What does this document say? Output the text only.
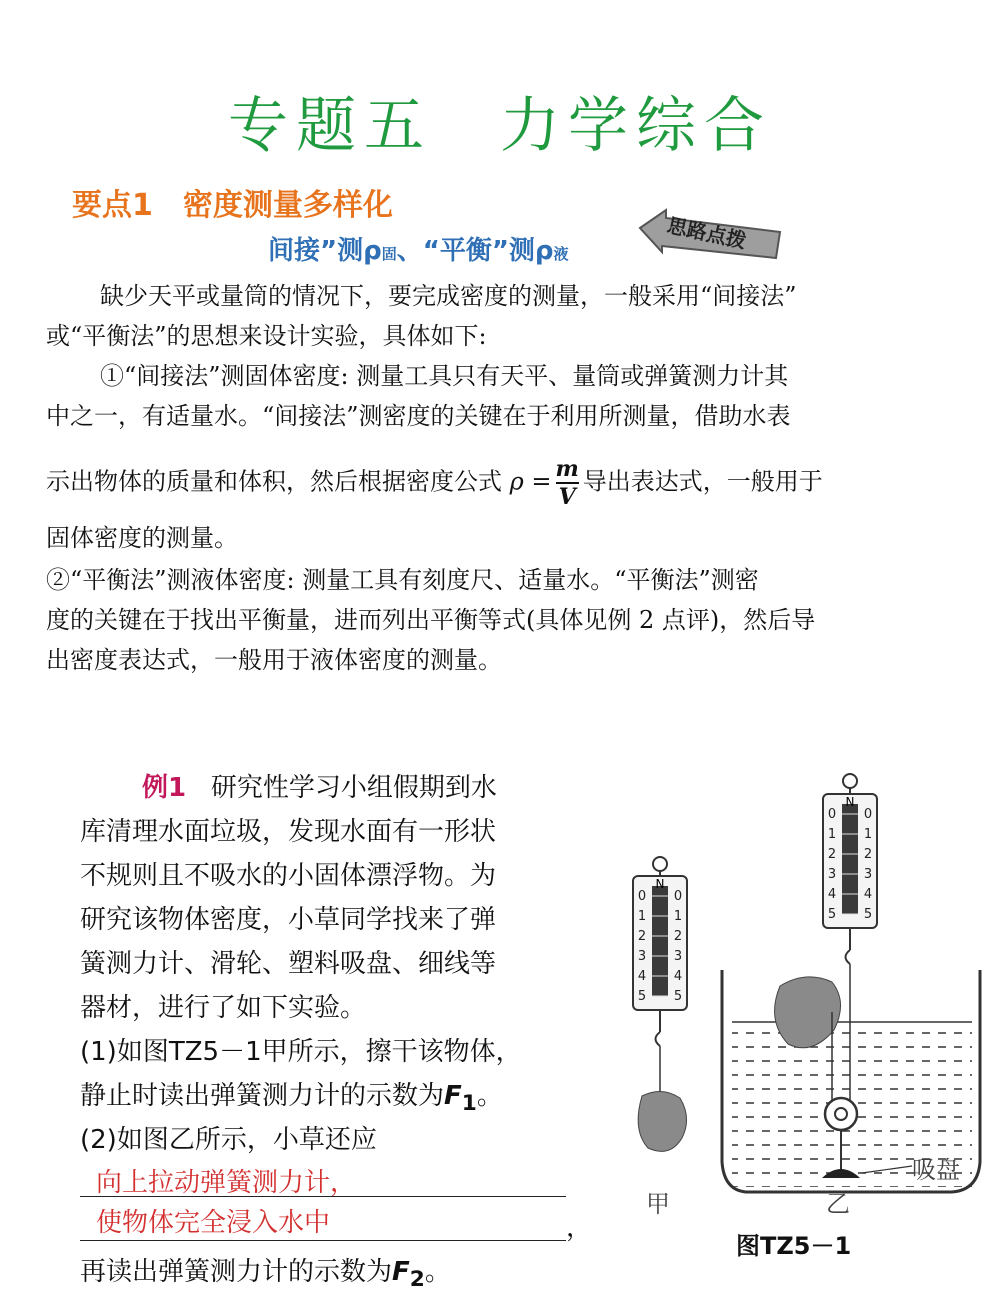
专题五　力学综合
要点1　密度测量多样化
间接”测ρ固、“平衡”测ρ液
思路点拨
缺少天平或量筒的情况下，要完成密度的测量，一般采用“间接法”
或“平衡法”的思想来设计实验，具体如下:
①“间接法”测固体密度: 测量工具只有天平、量筒或弹簧测力计其
中之一，有适量水。“间接法”测密度的关键在于利用所测量，借助水表
示出物体的质量和体积，然后根据密度公式 $\rho = \frac{m}{V}$ 导出表达式，一般用于
固体密度的测量。
②“平衡法”测液体密度: 测量工具有刻度尺、适量水。“平衡法”测密
度的关键在于找出平衡量，进而列出平衡等式(具体见例 2 点评)，然后导
出密度表达式，一般用于液体密度的测量。
例1 研究性学习小组假期到水
库清理水面垃圾，发现水面有一形状
不规则且不吸水的小固体漂浮物。为
研究该物体密度，小草同学找来了弹
簧测力计、滑轮、塑料吸盘、细线等
器材，进行了如下实验。
(1)如图TZ5－1甲所示，擦干该物体，
静止时读出弹簧测力计的示数为$F_1$。
(2)如图乙所示，小草还应
向上拉动弹簧测力计，
使物体完全浸入水中	，
再读出弹簧测力计的示数为$F_2$。
N
0 0
1 1
2 2
3 3
4 4
5 5
N
0 0
1 1
2 2
3 3
4 4
5 5
甲	乙
吸盘
图TZ5－1
